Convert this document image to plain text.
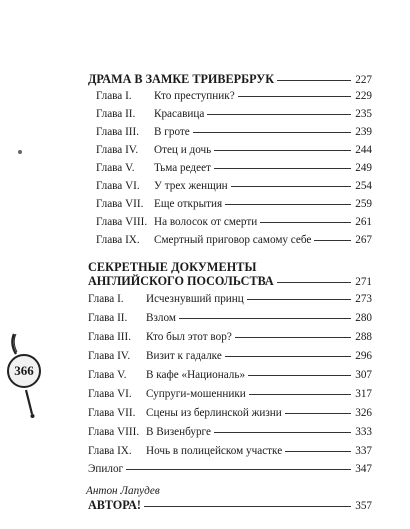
ДРАМА В ЗАМКЕ ТРИВЕРБРУК	227
Глава I.	Кто преступник?	229
Глава II.	Красавица	235
Глава III.	В гроте	239
Глава IV.	Отец и дочь	244
Глава V.	Тьма редеет	249
Глава VI.	У трех женщин	254
Глава VII. Еще открытия	259
Глава VIII. На волосок от смерти	261
Глава IX.	Смертный приговор самому себе	267
СЕКРЕТНЫЕ ДОКУМЕНТЫ
АНГЛИЙСКОГО ПОСОЛЬСТВА	271
Глава I.	Исчезнувший принц	273
Глава II.	Взлом	280
Глава III.	Кто был этот вор?	288
Глава IV.	Визит к гадалке	296
Глава V.	В кафе «Националь»	307
Глава VI.	Супруги-мошенники	317
Глава VII. Сцены из берлинской жизни	326
Глава VIII. В Визенбурге	333
Глава IX.	Ночь в полицейском участке	337
Эпилог	347
Антон Лапудев
АВТОРА!	357
366
